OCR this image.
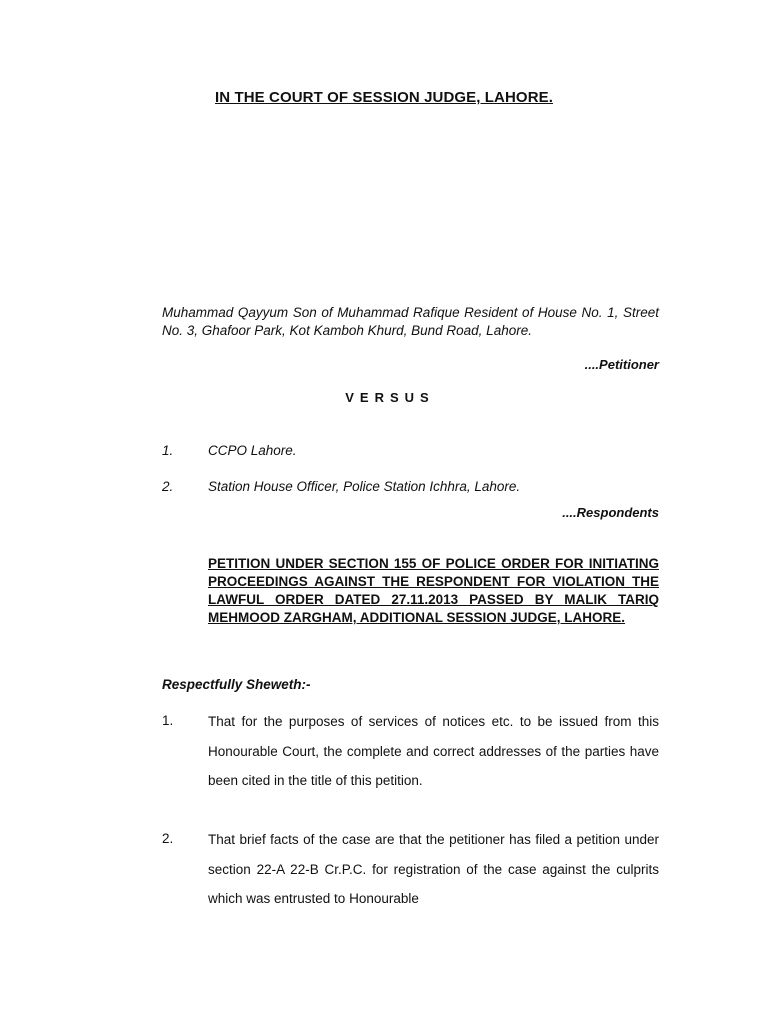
IN THE COURT OF SESSION JUDGE, LAHORE.
Muhammad Qayyum Son of Muhammad Rafique Resident of House No. 1, Street No. 3, Ghafoor Park, Kot Kamboh Khurd, Bund Road, Lahore.
....Petitioner
VERSUS
1.	CCPO Lahore.
2.	Station House Officer, Police Station Ichhra, Lahore.
....Respondents
PETITION UNDER SECTION 155 OF POLICE ORDER FOR INITIATING PROCEEDINGS AGAINST THE RESPONDENT FOR VIOLATION THE LAWFUL ORDER DATED 27.11.2013 PASSED BY MALIK TARIQ MEHMOOD ZARGHAM, ADDITIONAL SESSION JUDGE, LAHORE.
Respectfully Sheweth:-
1.	That for the purposes of services of notices etc. to be issued from this Honourable Court, the complete and correct addresses of the parties have been cited in the title of this petition.
2.	That brief facts of the case are that the petitioner has filed a petition under section 22-A 22-B Cr.P.C. for registration of the case against the culprits which was entrusted to Honourable
